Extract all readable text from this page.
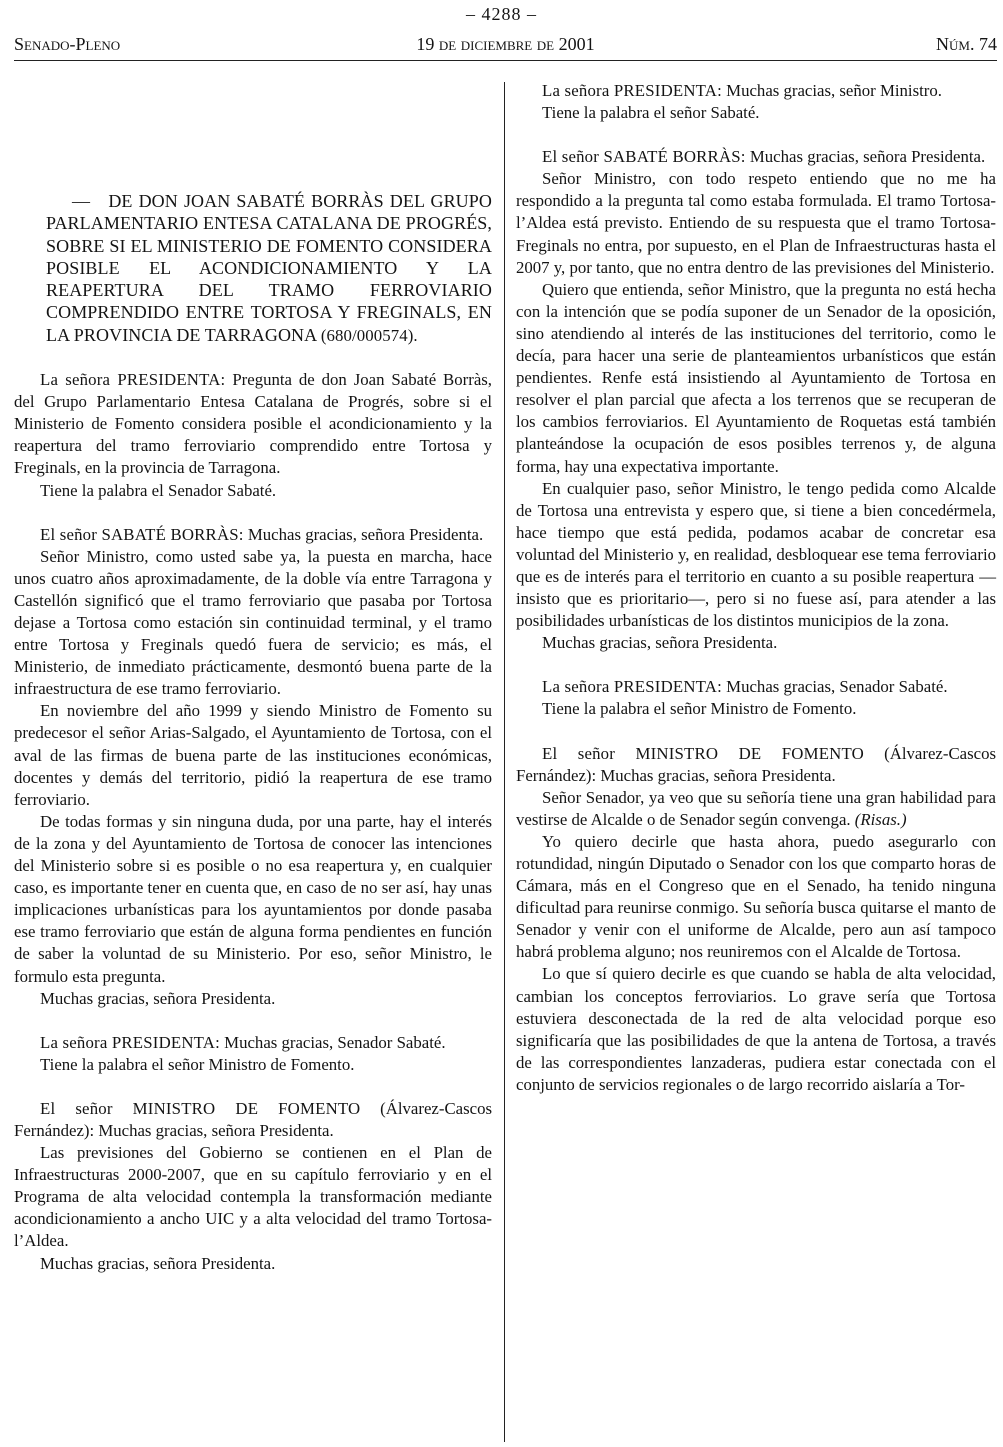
– 4288 –
Senado-Pleno	19 de diciembre de 2001	Núm. 74

— DE DON JOAN SABATÉ BORRÀS DEL GRUPO PARLAMENTARIO ENTESA CATALANA DE PROGRÉS, SOBRE SI EL MINISTERIO DE FOMENTO CONSIDERA POSIBLE EL ACONDICIONAMIENTO Y LA REAPERTURA DEL TRAMO FERROVIARIO COMPRENDIDO ENTRE TORTOSA Y FREGINALS, EN LA PROVINCIA DE TARRAGONA (680/000574).

La señora PRESIDENTA: Pregunta de don Joan Sabaté Borràs, del Grupo Parlamentario Entesa Catalana de Progrés, sobre si el Ministerio de Fomento considera posible el acondicionamiento y la reapertura del tramo ferroviario comprendido entre Tortosa y Freginals, en la provincia de Tarragona.

Tiene la palabra el Senador Sabaté.

El señor SABATÉ BORRÀS: Muchas gracias, señora Presidenta.

Señor Ministro, como usted sabe ya, la puesta en marcha, hace unos cuatro años aproximadamente, de la doble vía entre Tarragona y Castellón significó que el tramo ferroviario que pasaba por Tortosa dejase a Tortosa como estación sin continuidad terminal, y el tramo entre Tortosa y Freginals quedó fuera de servicio; es más, el Ministerio, de inmediato prácticamente, desmontó buena parte de la infraestructura de ese tramo ferroviario.

En noviembre del año 1999 y siendo Ministro de Fomento su predecesor el señor Arias-Salgado, el Ayuntamiento de Tortosa, con el aval de las firmas de buena parte de las instituciones económicas, docentes y demás del territorio, pidió la reapertura de ese tramo ferroviario.

De todas formas y sin ninguna duda, por una parte, hay el interés de la zona y del Ayuntamiento de Tortosa de conocer las intenciones del Ministerio sobre si es posible o no esa reapertura y, en cualquier caso, es importante tener en cuenta que, en caso de no ser así, hay unas implicaciones urbanísticas para los ayuntamientos por donde pasaba ese tramo ferroviario que están de alguna forma pendientes en función de saber la voluntad de su Ministerio. Por eso, señor Ministro, le formulo esta pregunta.

Muchas gracias, señora Presidenta.

La señora PRESIDENTA: Muchas gracias, Senador Sabaté.

Tiene la palabra el señor Ministro de Fomento.

El señor MINISTRO DE FOMENTO (Álvarez-Cascos Fernández): Muchas gracias, señora Presidenta.

Las previsiones del Gobierno se contienen en el Plan de Infraestructuras 2000-2007, que en su capítulo ferroviario y en el Programa de alta velocidad contempla la transformación mediante acondicionamiento a ancho UIC y a alta velocidad del tramo Tortosa-l’Aldea.

Muchas gracias, señora Presidenta.

La señora PRESIDENTA: Muchas gracias, señor Ministro.

Tiene la palabra el señor Sabaté.

El señor SABATÉ BORRÀS: Muchas gracias, señora Presidenta.

Señor Ministro, con todo respeto entiendo que no me ha respondido a la pregunta tal como estaba formulada. El tramo Tortosa-l’Aldea está previsto. Entiendo de su respuesta que el tramo Tortosa-Freginals no entra, por supuesto, en el Plan de Infraestructuras hasta el 2007 y, por tanto, que no entra dentro de las previsiones del Ministerio.

Quiero que entienda, señor Ministro, que la pregunta no está hecha con la intención que se podía suponer de un Senador de la oposición, sino atendiendo al interés de las instituciones del territorio, como le decía, para hacer una serie de planteamientos urbanísticos que están pendientes. Renfe está insistiendo al Ayuntamiento de Tortosa en resolver el plan parcial que afecta a los terrenos que se recuperan de los cambios ferroviarios. El Ayuntamiento de Roquetas está también planteándose la ocupación de esos posibles terrenos y, de alguna forma, hay una expectativa importante.

En cualquier paso, señor Ministro, le tengo pedida como Alcalde de Tortosa una entrevista y espero que, si tiene a bien concedérmela, hace tiempo que está pedida, podamos acabar de concretar esa voluntad del Ministerio y, en realidad, desbloquear ese tema ferroviario que es de interés para el territorio en cuanto a su posible reapertura —insisto que es prioritario—, pero si no fuese así, para atender a las posibilidades urbanísticas de los distintos municipios de la zona.

Muchas gracias, señora Presidenta.

La señora PRESIDENTA: Muchas gracias, Senador Sabaté.

Tiene la palabra el señor Ministro de Fomento.

El señor MINISTRO DE FOMENTO (Álvarez-Cascos Fernández): Muchas gracias, señora Presidenta.

Señor Senador, ya veo que su señoría tiene una gran habilidad para vestirse de Alcalde o de Senador según convenga. (Risas.)

Yo quiero decirle que hasta ahora, puedo asegurarlo con rotundidad, ningún Diputado o Senador con los que comparto horas de Cámara, más en el Congreso que en el Senado, ha tenido ninguna dificultad para reunirse conmigo. Su señoría busca quitarse el manto de Senador y venir con el uniforme de Alcalde, pero aun así tampoco habrá problema alguno; nos reuniremos con el Alcalde de Tortosa.

Lo que sí quiero decirle es que cuando se habla de alta velocidad, cambian los conceptos ferroviarios. Lo grave sería que Tortosa estuviera desconectada de la red de alta velocidad porque eso significaría que las posibilidades de que la antena de Tortosa, a través de las correspondientes lanzaderas, pudiera estar conectada con el conjunto de servicios regionales o de largo recorrido aislaría a Tor-
